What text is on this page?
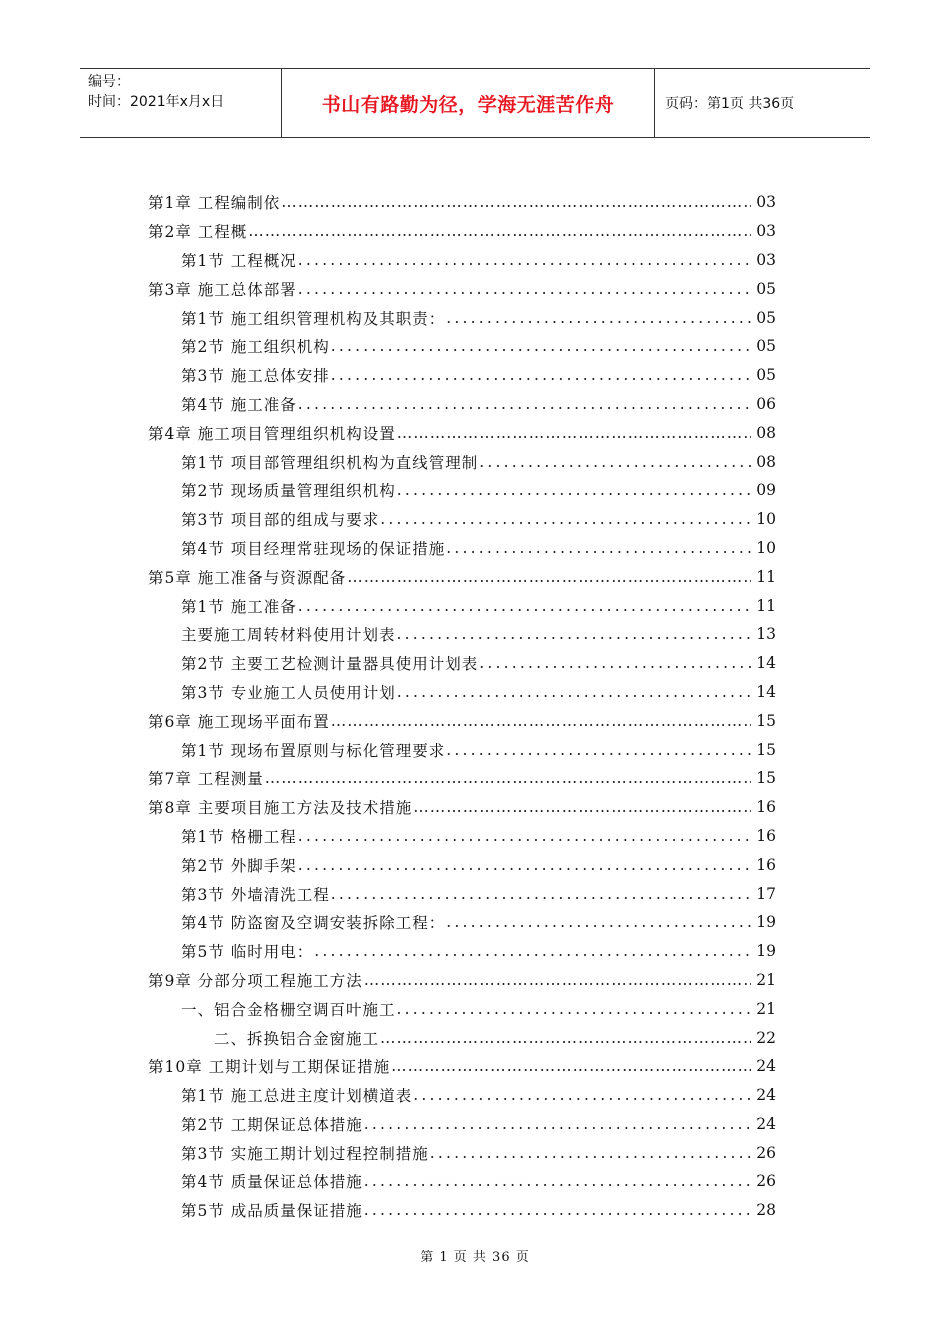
编号：
时间：2021年x月x日	书山有路勤为径，学海无涯苦作舟	页码：第1页 共36页
第1章 工程编制依 ……………………………………………………………………………………………………………………	03
第2章 工程概 ……………………………………………………………………………………………………………………	03
第1节 工程概况 .....	03
第3章 施工总体部署 .....	05
第1节 施工组织管理机构及其职责： .....	05
第2节 施工组织机构 .....	05
第3节 施工总体安排 .....	05
第4节 施工准备 .....	06
第4章 施工项目管理组织机构设置 ……………………………………………………………………………………………………………………	08
第1节 项目部管理组织机构为直线管理制 .....	08
第2节 现场质量管理组织机构 .....	09
第3节 项目部的组成与要求 .....	10
第4节 项目经理常驻现场的保证措施 .....	10
第5章 施工准备与资源配备 ……………………………………………………………………………………………………………………	11
第1节 施工准备 .....	11
主要施工周转材料使用计划表 .....	13
第2节 主要工艺检测计量器具使用计划表 .....	14
第3节 专业施工人员使用计划 .....	14
第6章 施工现场平面布置 ……………………………………………………………………………………………………………………	15
第1节 现场布置原则与标化管理要求 .....	15
第7章 工程测量 ……………………………………………………………………………………………………………………	15
第8章 主要项目施工方法及技术措施 ……………………………………………………………………………………………………………………	16
第1节 格栅工程 .....	16
第2节 外脚手架 .....	16
第3节 外墙清洗工程 .....	17
第4节 防盗窗及空调安装拆除工程： .....	19
第5节 临时用电： .....	19
第9章 分部分项工程施工方法 ……………………………………………………………………………………………………………………	21
一、铝合金格栅空调百叶施工 .....	21
二、拆换铝合金窗施工 ……………………………………………………………………………………………………………………	22
第10章 工期计划与工期保证措施 ……………………………………………………………………………………………………………………	24
第1节 施工总进主度计划横道表 .....	24
第2节 工期保证总体措施 .....	24
第3节 实施工期计划过程控制措施 .....	26
第4节 质量保证总体措施 .....	26
第5节 成品质量保证措施 .....	28
第 1 页 共 36 页
